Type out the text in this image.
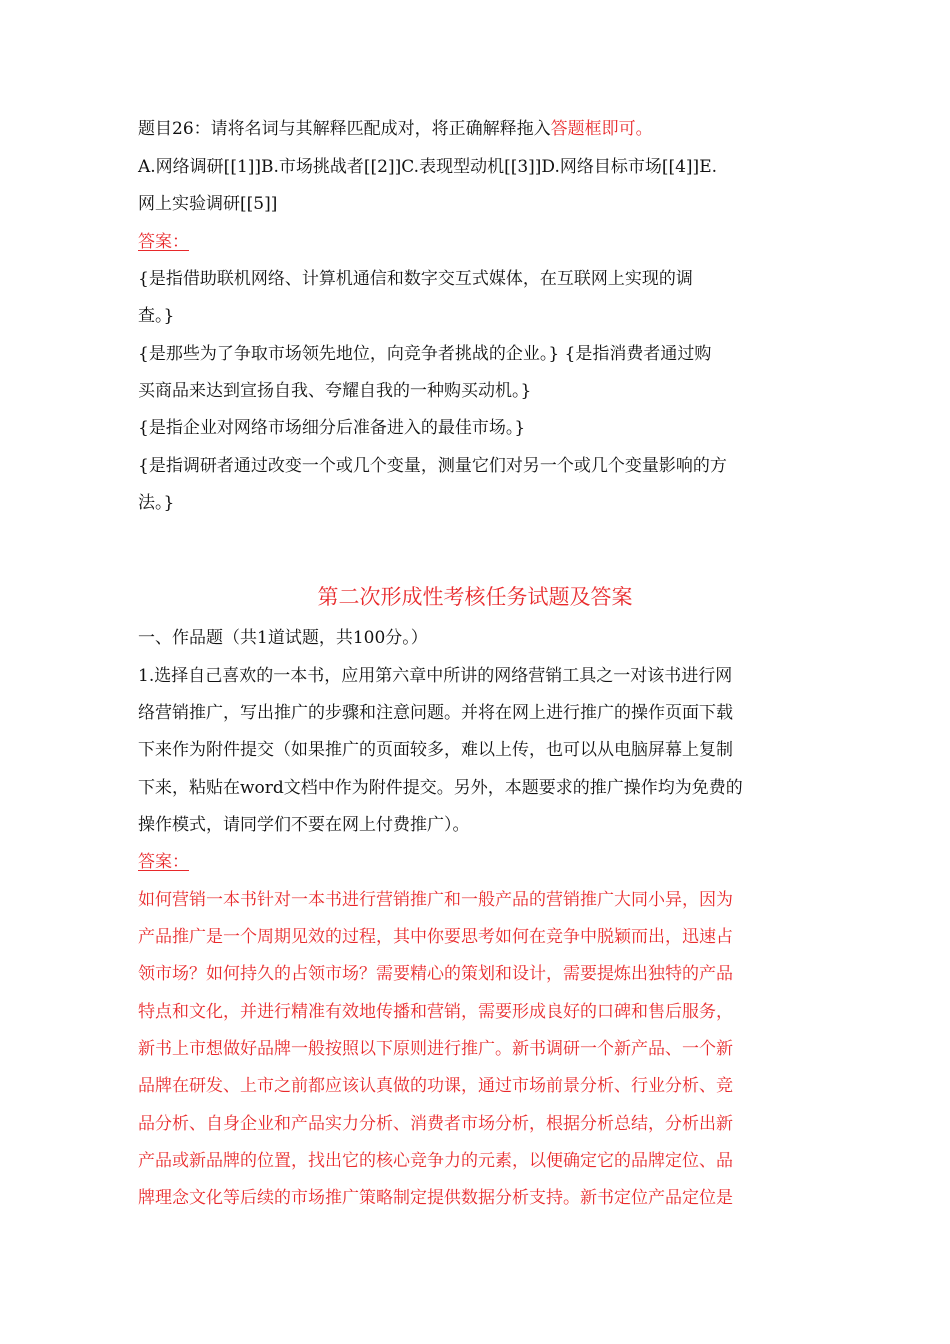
题目26：请将名词与其解释匹配成对，将正确解释拖入答题框即可。
A.网络调研[[1]]B.市场挑战者[[2]]C.表现型动机[[3]]D.网络目标市场[[4]]E.
网上实验调研[[5]]
答案：
{是指借助联机网络、计算机通信和数字交互式媒体，在互联网上实现的调
查。}
{是那些为了争取市场领先地位，向竞争者挑战的企业。} {是指消费者通过购
买商品来达到宣扬自我、夸耀自我的一种购买动机。}
{是指企业对网络市场细分后准备进入的最佳市场。}
{是指调研者通过改变一个或几个变量，测量它们对另一个或几个变量影响的方
法。}
第二次形成性考核任务试题及答案
一、作品题（共1道试题，共100分。）
1.选择自己喜欢的一本书，应用第六章中所讲的网络营销工具之一对该书进行网
络营销推广，写出推广的步骤和注意问题。并将在网上进行推广的操作页面下载
下来作为附件提交（如果推广的页面较多，难以上传，也可以从电脑屏幕上复制
下来，粘贴在word文档中作为附件提交。另外，本题要求的推广操作均为免费的
操作模式，请同学们不要在网上付费推广）。
答案：
如何营销一本书针对一本书进行营销推广和一般产品的营销推广大同小异，因为
产品推广是一个周期见效的过程，其中你要思考如何在竞争中脱颖而出，迅速占
领市场？如何持久的占领市场？需要精心的策划和设计，需要提炼出独特的产品
特点和文化，并进行精准有效地传播和营销，需要形成良好的口碑和售后服务，
新书上市想做好品牌一般按照以下原则进行推广。新书调研一个新产品、一个新
品牌在研发、上市之前都应该认真做的功课，通过市场前景分析、行业分析、竞
品分析、自身企业和产品实力分析、消费者市场分析，根据分析总结，分析出新
产品或新品牌的位置，找出它的核心竞争力的元素，以便确定它的品牌定位、品
牌理念文化等后续的市场推广策略制定提供数据分析支持。新书定位产品定位是
